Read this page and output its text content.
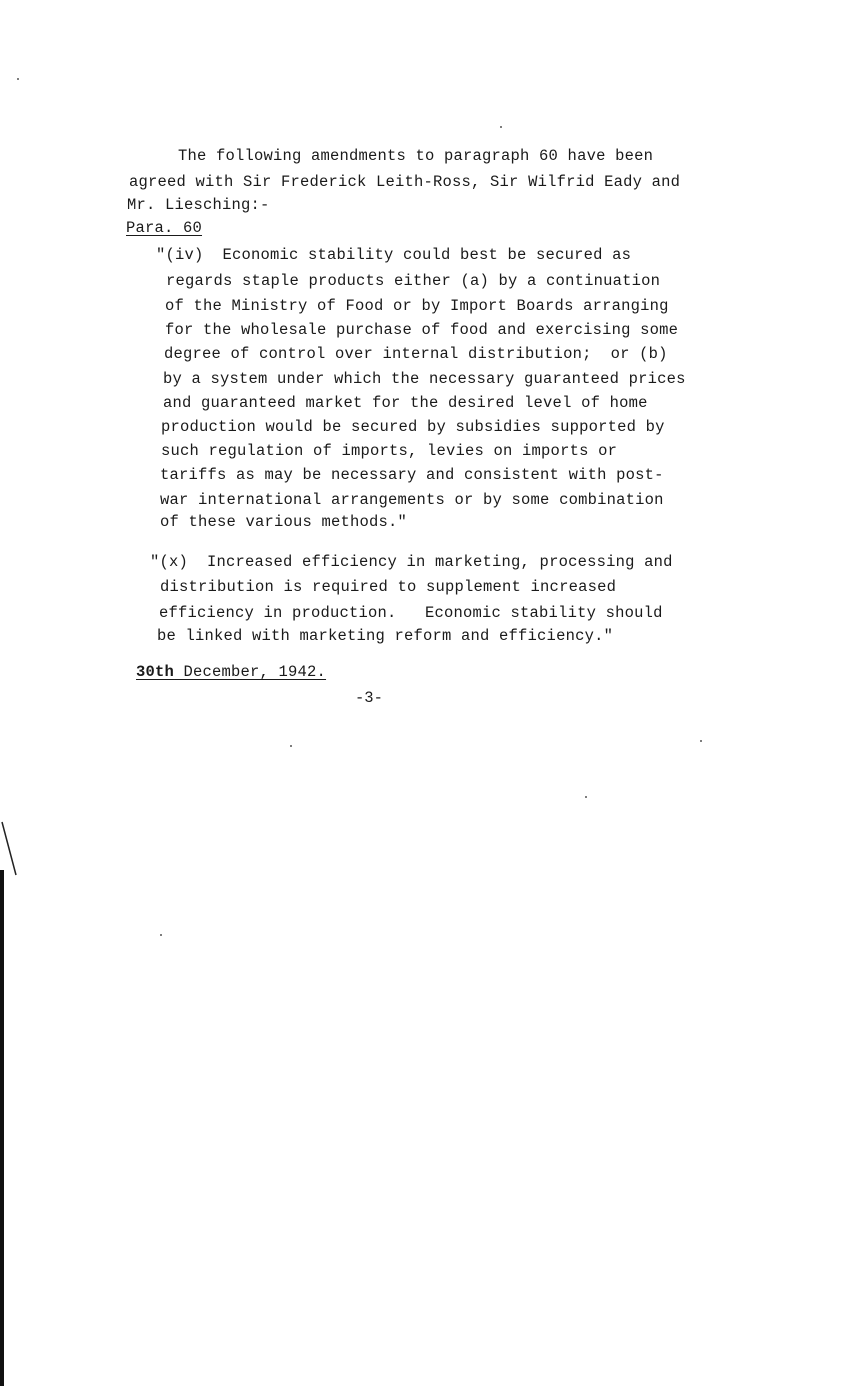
The following amendments to paragraph 60 have been
agreed with Sir Frederick Leith-Ross, Sir Wilfrid Eady and
Mr. Liesching:-
Para. 60
"(iv)  Economic stability could best be secured as
regards staple products either (a) by a continuation
of the Ministry of Food or by Import Boards arranging
for the wholesale purchase of food and exercising some
degree of control over internal distribution;  or (b)
by a system under which the necessary guaranteed prices
and guaranteed market for the desired level of home
production would be secured by subsidies supported by
such regulation of imports, levies on imports or
tariffs as may be necessary and consistent with post-
war international arrangements or by some combination
of these various methods."
"(x)  Increased efficiency in marketing, processing and
distribution is required to supplement increased
efficiency in production.   Economic stability should
be linked with marketing reform and efficiency."
30th December, 1942.
-3-
